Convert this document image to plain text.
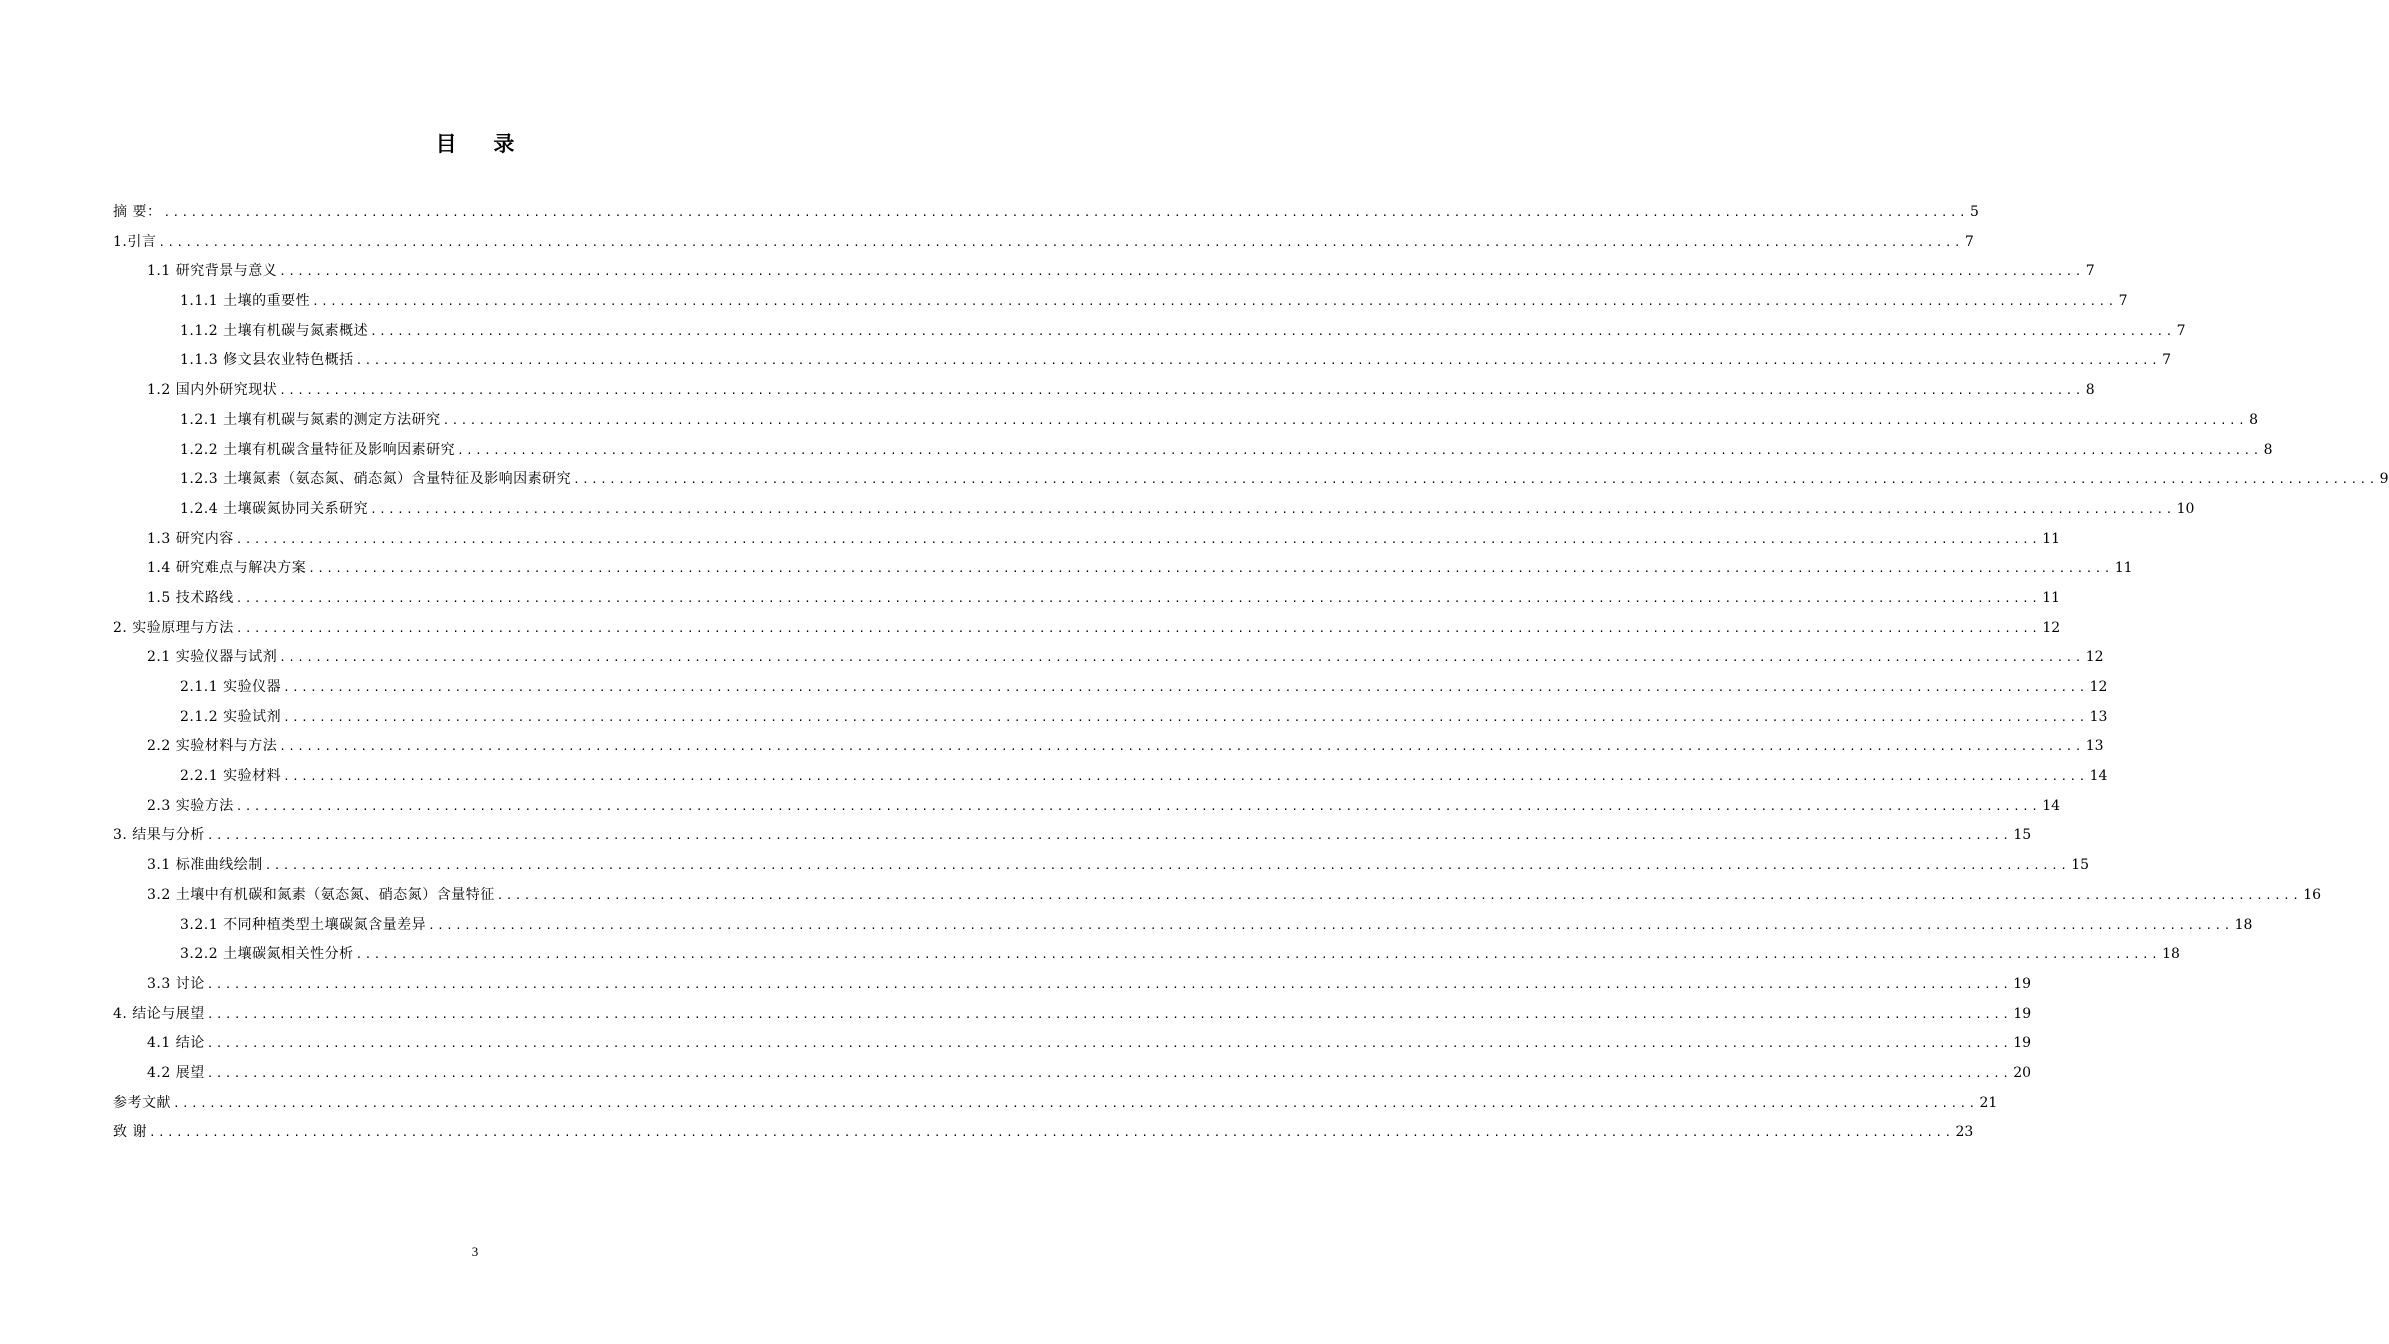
目 录
摘 要： ........................................................................................................................................................................................................ 5
1.引言 ........................................................................................................................................................................................................ 7
1.1 研究背景与意义 ........................................................................................................................................................................................................ 7
1.1.1 土壤的重要性 ........................................................................................................................................................................................................ 7
1.1.2 土壤有机碳与氮素概述 ........................................................................................................................................................................................................ 7
1.1.3 修文县农业特色概括 ........................................................................................................................................................................................................ 7
1.2 国内外研究现状 ........................................................................................................................................................................................................ 8
1.2.1 土壤有机碳与氮素的测定方法研究 ........................................................................................................................................................................................................ 8
1.2.2 土壤有机碳含量特征及影响因素研究 ........................................................................................................................................................................................................ 8
1.2.3 土壤氮素（氨态氮、硝态氮）含量特征及影响因素研究 ........................................................................................................................................................................................................ 9
1.2.4 土壤碳氮协同关系研究 ........................................................................................................................................................................................................ 10
1.3 研究内容 ........................................................................................................................................................................................................ 11
1.4 研究难点与解决方案 ........................................................................................................................................................................................................ 11
1.5 技术路线 ........................................................................................................................................................................................................ 11
2. 实验原理与方法 ........................................................................................................................................................................................................ 12
2.1 实验仪器与试剂 ........................................................................................................................................................................................................ 12
2.1.1 实验仪器 ........................................................................................................................................................................................................ 12
2.1.2 实验试剂 ........................................................................................................................................................................................................ 13
2.2 实验材料与方法 ........................................................................................................................................................................................................ 13
2.2.1 实验材料 ........................................................................................................................................................................................................ 14
2.3 实验方法 ........................................................................................................................................................................................................ 14
3. 结果与分析 ........................................................................................................................................................................................................ 15
3.1 标准曲线绘制 ........................................................................................................................................................................................................ 15
3.2 土壤中有机碳和氮素（氨态氮、硝态氮）含量特征 ........................................................................................................................................................................................................ 16
3.2.1 不同种植类型土壤碳氮含量差异 ........................................................................................................................................................................................................ 18
3.2.2 土壤碳氮相关性分析 ........................................................................................................................................................................................................ 18
3.3 讨论 ........................................................................................................................................................................................................ 19
4. 结论与展望 ........................................................................................................................................................................................................ 19
4.1 结论 ........................................................................................................................................................................................................ 19
4.2 展望 ........................................................................................................................................................................................................ 20
参考文献 ........................................................................................................................................................................................................ 21
致 谢 ........................................................................................................................................................................................................ 23
3
